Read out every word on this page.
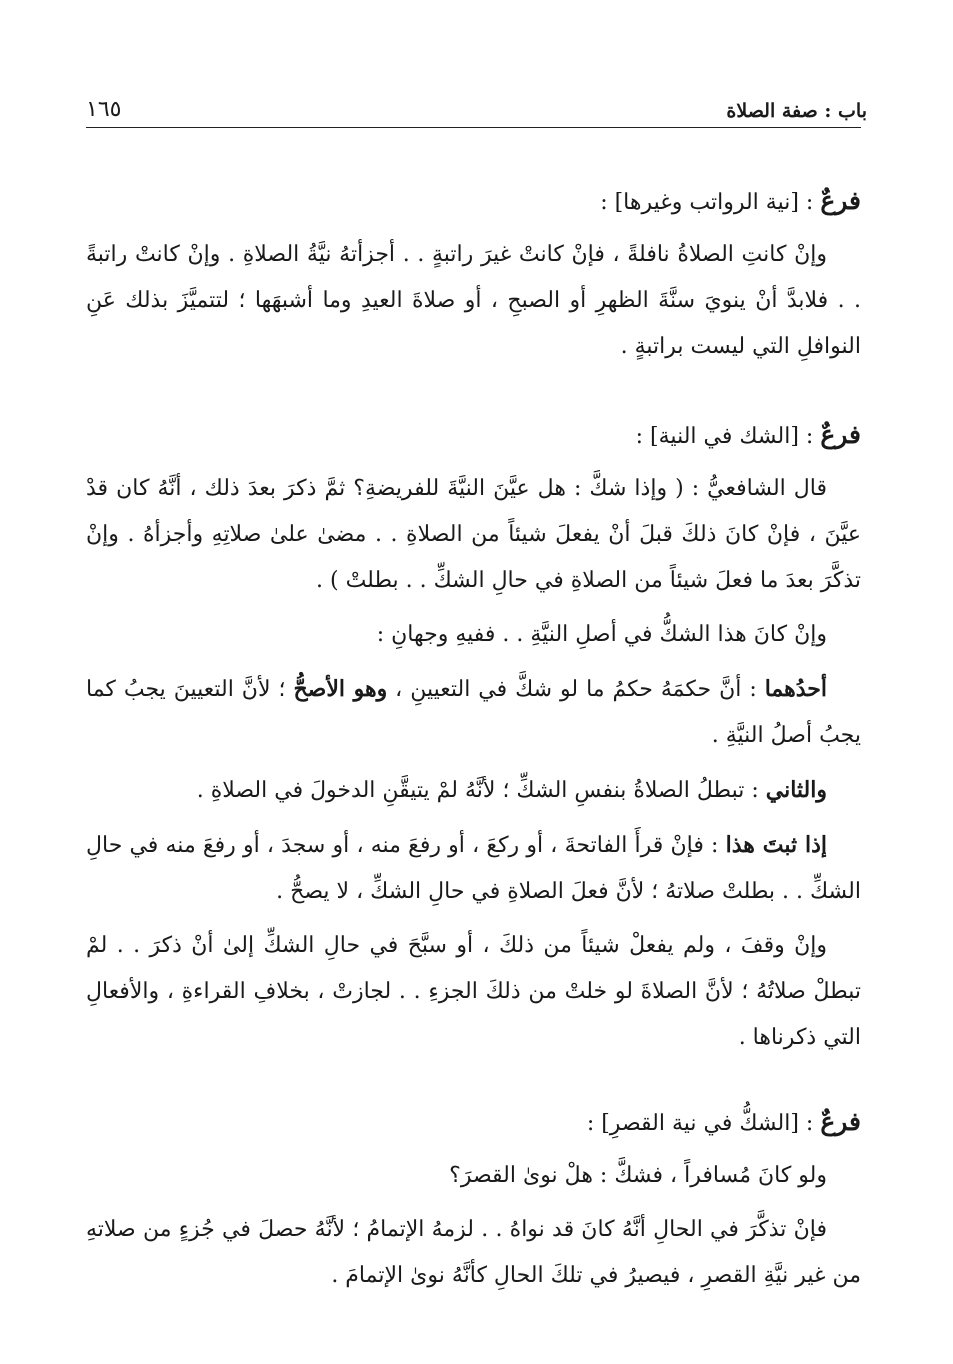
باب : صفة الصلاة
١٦٥
فرعٌ : [نية الرواتب وغيرها] :

وإنْ كانتِ الصلاةُ نافلةً ، فإنْ كانتْ غيرَ راتبةٍ . . أجزأتهُ نيَّةُ الصلاةِ . وإنْ كانتْ راتبةً . . فلابدَّ أنْ ينويَ سنَّةَ الظهرِ أو الصبحِ ، أو صلاةَ العيدِ وما أشبهَها ؛ لتتميَّزَ بذلك عَنِ النوافلِ التي ليست براتبةٍ .

فرعٌ : [الشك في النية] :

قال الشافعيُّ : ( وإذا شكَّ : هل عيَّنَ النيَّةَ للفريضةِ؟ ثمَّ ذكرَ بعدَ ذلك ، أنَّهُ كان قدْ عيَّنَ ، فإنْ كانَ ذلكَ قبلَ أنْ يفعلَ شيئاً من الصلاةِ . . مضىٰ علىٰ صلاتِهِ وأجزأهُ . وإنْ تذكَّرَ بعدَ ما فعلَ شيئاً من الصلاةِ في حالِ الشكِّ . . بطلتْ ) .

وإنْ كانَ هذا الشكُّ في أصلِ النيَّةِ . . ففيهِ وجهانِ :

أحدُهما : أنَّ حكمَهُ حكمُ ما لو شكَّ في التعيينِ ، وهو الأصحُّ ؛ لأنَّ التعيينَ يجبُ كما يجبُ أصلُ النيَّةِ .

والثاني : تبطلُ الصلاةُ بنفسِ الشكِّ ؛ لأنَّهُ لمْ يتيقَّنِ الدخولَ في الصلاةِ .

إذا ثبتَ هذا : فإنْ قرأَ الفاتحةَ ، أو ركعَ ، أو رفعَ منه ، أو سجدَ ، أو رفعَ منه في حالِ الشكِّ . . بطلتْ صلاتهُ ؛ لأنَّ فعلَ الصلاةِ في حالِ الشكِّ ، لا يصحُّ .

وإنْ وقفَ ، ولم يفعلْ شيئاً من ذلكَ ، أو سبَّحَ في حالِ الشكِّ إلىٰ أنْ ذكرَ . . لمْ تبطلْ صلاتُهُ ؛ لأنَّ الصلاةَ لو خلتْ من ذلكَ الجزءِ . . لجازتْ ، بخلافِ القراءةِ ، والأفعالِ التي ذكرناها .

فرعٌ : [الشكُّ في نية القصرِ] :

ولو كانَ مُسافراً ، فشكَّ : هلْ نوىٰ القصرَ؟

فإنْ تذكَّرَ في الحالِ أنَّهُ كانَ قد نواهُ . . لزمهُ الإتمامُ ؛ لأنَّهُ حصلَ في جُزءٍ من صلاتهِ من غير نيَّةِ القصرِ ، فيصيرُ في تلكَ الحالِ كأنَّهُ نوىٰ الإتمامَ .
